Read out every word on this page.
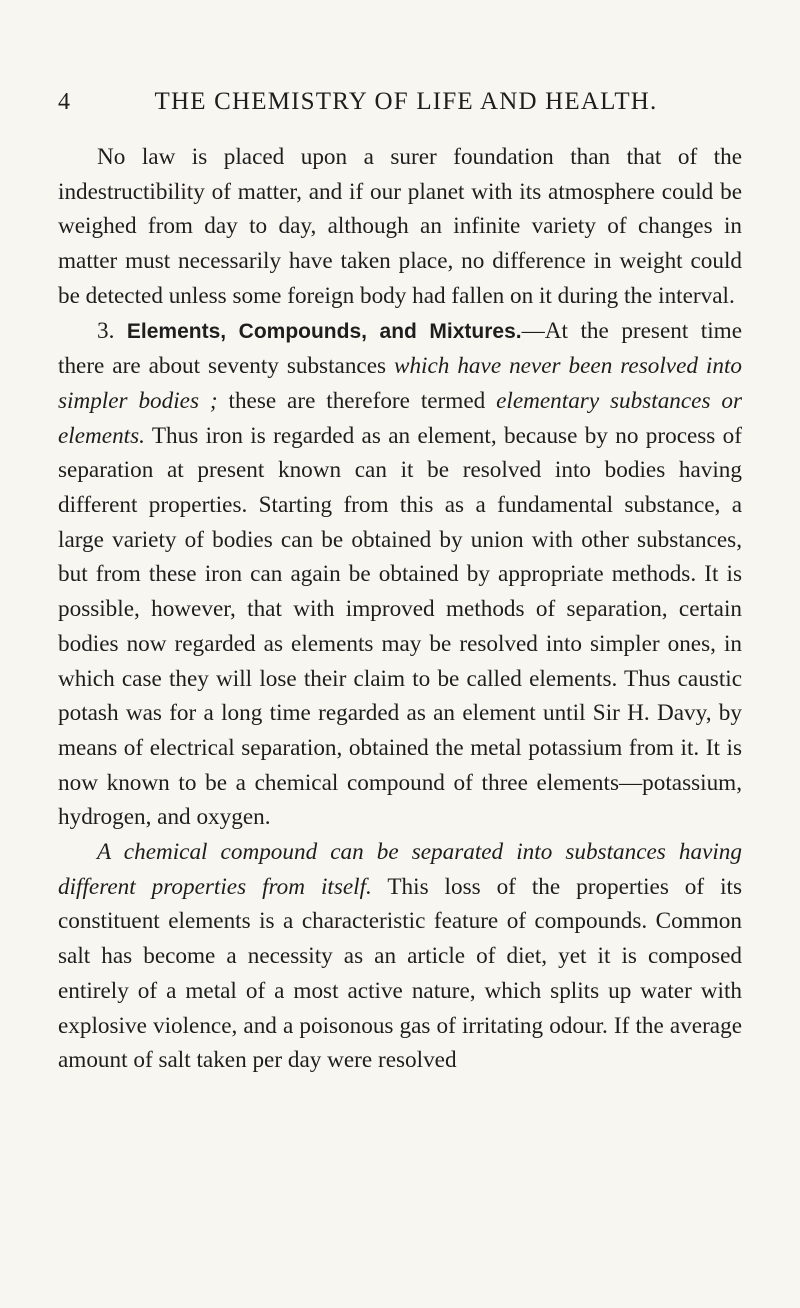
4	THE CHEMISTRY OF LIFE AND HEALTH.

No law is placed upon a surer foundation than that of the indestructibility of matter, and if our planet with its atmosphere could be weighed from day to day, although an infinite variety of changes in matter must necessarily have taken place, no difference in weight could be detected unless some foreign body had fallen on it during the interval.

3. Elements, Compounds, and Mixtures.—At the present time there are about seventy substances which have never been resolved into simpler bodies ; these are therefore termed elementary substances or elements. Thus iron is regarded as an element, because by no process of separation at present known can it be resolved into bodies having different properties. Starting from this as a fundamental substance, a large variety of bodies can be obtained by union with other substances, but from these iron can again be obtained by appropriate methods. It is possible, however, that with improved methods of separation, certain bodies now regarded as elements may be resolved into simpler ones, in which case they will lose their claim to be called elements. Thus caustic potash was for a long time regarded as an element until Sir H. Davy, by means of electrical separation, obtained the metal potassium from it. It is now known to be a chemical compound of three elements—potassium, hydrogen, and oxygen.

A chemical compound can be separated into substances having different properties from itself. This loss of the properties of its constituent elements is a characteristic feature of compounds. Common salt has become a necessity as an article of diet, yet it is composed entirely of a metal of a most active nature, which splits up water with explosive violence, and a poisonous gas of irritating odour. If the average amount of salt taken per day were resolved
